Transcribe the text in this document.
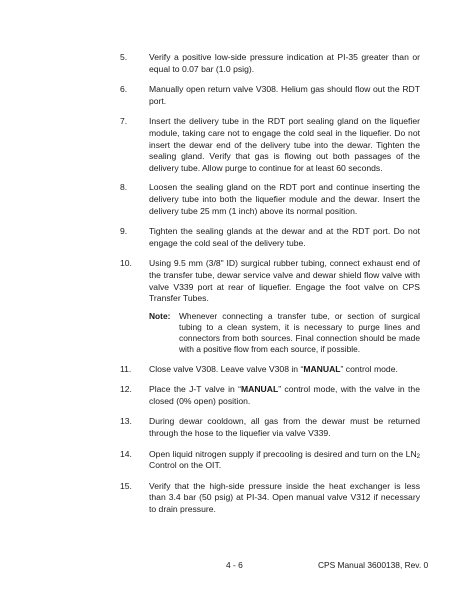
5.	Verify a positive low-side pressure indication at PI-35 greater than or equal to 0.07 bar (1.0 psig).
6.	Manually open return valve V308. Helium gas should flow out the RDT port.
7.	Insert the delivery tube in the RDT port sealing gland on the liquefier module, taking care not to engage the cold seal in the liquefier. Do not insert the dewar end of the delivery tube into the dewar. Tighten the sealing gland. Verify that gas is flowing out both passages of the delivery tube. Allow purge to continue for at least 60 seconds.
8.	Loosen the sealing gland on the RDT port and continue inserting the delivery tube into both the liquefier module and the dewar. Insert the delivery tube 25 mm (1 inch) above its normal position.
9.	Tighten the sealing glands at the dewar and at the RDT port. Do not engage the cold seal of the delivery tube.
10.	Using 9.5 mm (3/8" ID) surgical rubber tubing, connect exhaust end of the transfer tube, dewar service valve and dewar shield flow valve with valve V339 port at rear of liquefier. Engage the foot valve on CPS Transfer Tubes.
Note:	Whenever connecting a transfer tube, or section of surgical tubing to a clean system, it is necessary to purge lines and connectors from both sources. Final connection should be made with a positive flow from each source, if possible.
11.	Close valve V308. Leave valve V308 in “MANUAL” control mode.
12.	Place the J-T valve in “MANUAL” control mode, with the valve in the closed (0% open) position.
13.	During dewar cooldown, all gas from the dewar must be returned through the hose to the liquefier via valve V339.
14.	Open liquid nitrogen supply if precooling is desired and turn on the $LN_2$ Control on the OIT.
15.	Verify that the high-side pressure inside the heat exchanger is less than 3.4 bar (50 psig) at PI-34. Open manual valve V312 if necessary to drain pressure.
4 - 6	CPS Manual 3600138, Rev. 0
